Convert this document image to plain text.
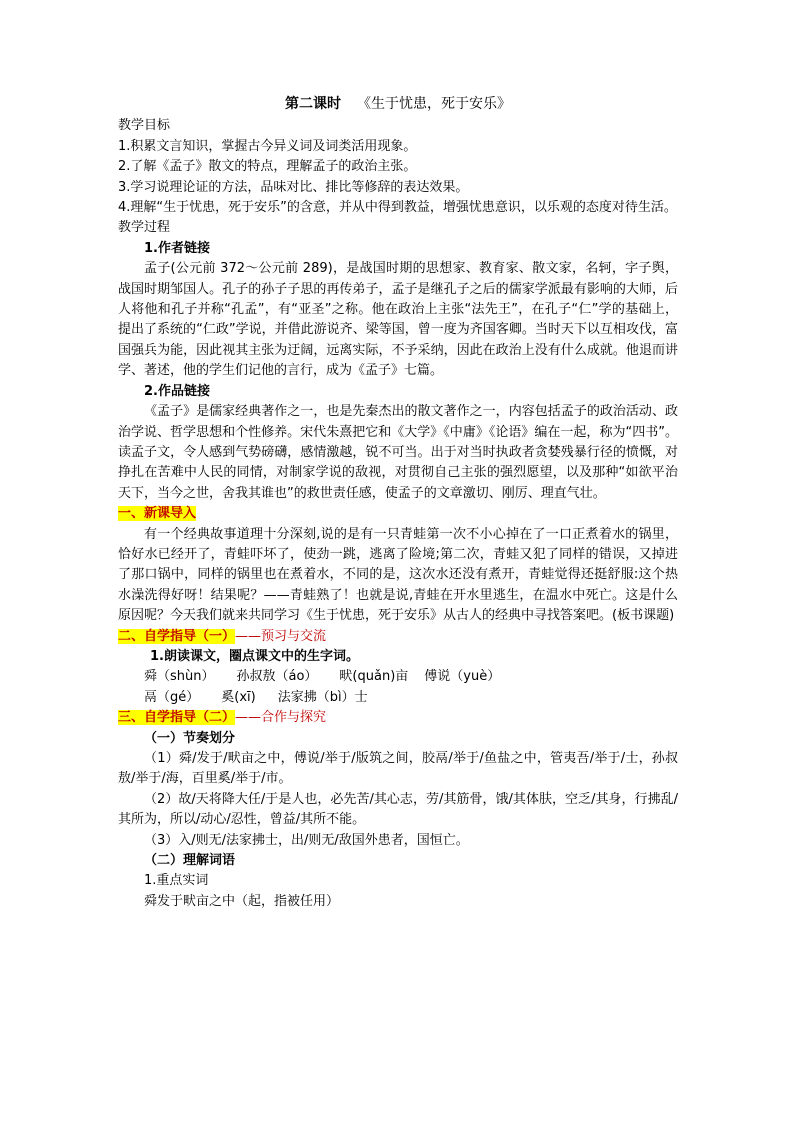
第二课时 《生于忧患，死于安乐》

教学目标

1.积累文言知识，掌握古今异义词及词类活用现象。

2.了解《孟子》散文的特点，理解孟子的政治主张。

3.学习说理论证的方法，品味对比、排比等修辞的表达效果。

4.理解“生于忧患，死于安乐”的含意，并从中得到教益，增强忧患意识，以乐观的态度对待生活。

教学过程

1.作者链接

孟子(公元前 372～公元前 289)，是战国时期的思想家、教育家、散文家，名轲，字子舆，战国时期邹国人。孔子的孙子子思的再传弟子，孟子是继孔子之后的儒家学派最有影响的大师，后人将他和孔子并称“孔孟”，有“亚圣”之称。他在政治上主张“法先王”，在孔子“仁”学的基础上，提出了系统的“仁政”学说，并借此游说齐、梁等国，曾一度为齐国客卿。当时天下以互相攻伐，富国强兵为能，因此视其主张为迂阔，远离实际，不予采纳，因此在政治上没有什么成就。他退而讲学、著述，他的学生们记他的言行，成为《孟子》七篇。

2.作品链接

《孟子》是儒家经典著作之一，也是先秦杰出的散文著作之一，内容包括孟子的政治活动、政治学说、哲学思想和个性修养。宋代朱熹把它和《大学》《中庸》《论语》编在一起，称为“四书”。读孟子文，令人感到气势磅礴，感情激越，锐不可当。出于对当时执政者贪婪残暴行径的愤慨，对挣扎在苦难中人民的同情，对制家学说的敌视，对贯彻自己主张的强烈愿望，以及那种“如欲平治天下，当今之世，舍我其谁也”的救世责任感，使孟子的文章激切、刚厉、理直气壮。

一、新课导入

有一个经典故事道理十分深刻,说的是有一只青蛙第一次不小心掉在了一口正煮着水的锅里，恰好水已经开了，青蛙吓坏了，使劲一跳，逃离了险境;第二次，青蛙又犯了同样的错误，又掉进了那口锅中，同样的锅里也在煮着水，不同的是，这次水还没有煮开，青蛙觉得还挺舒服:这个热水澡洗得好呀！结果呢？——青蛙熟了！也就是说,青蛙在开水里逃生，在温水中死亡。这是什么原因呢？今天我们就来共同学习《生于忧患，死于安乐》从古人的经典中寻找答案吧。(板书课题)

二、自学指导（一）——预习与交流

1.朗读课文，圈点课文中的生字词。

舜（shùn） 孙叔敖（áo） 畎(quǎn)亩 傅说（yuè）

鬲（gé） 奚(xī) 法家拂（bì）士

三、自学指导（二）——合作与探究

（一）节奏划分

（1）舜/发于/畎亩之中，傅说/举于/版筑之间，胶鬲/举于/鱼盐之中，管夷吾/举于/士，孙叔敖/举于/海，百里奚/举于/市。

（2）故/天将降大任/于是人也，必先苦/其心志，劳/其筋骨，饿/其体肤，空乏/其身，行拂乱/其所为，所以/动心/忍性，曾益/其所不能。

（3）入/则无/法家拂士，出/则无/敌国外患者，国恒亡。

（二）理解词语

1.重点实词

舜发于畎亩之中（起，指被任用）
